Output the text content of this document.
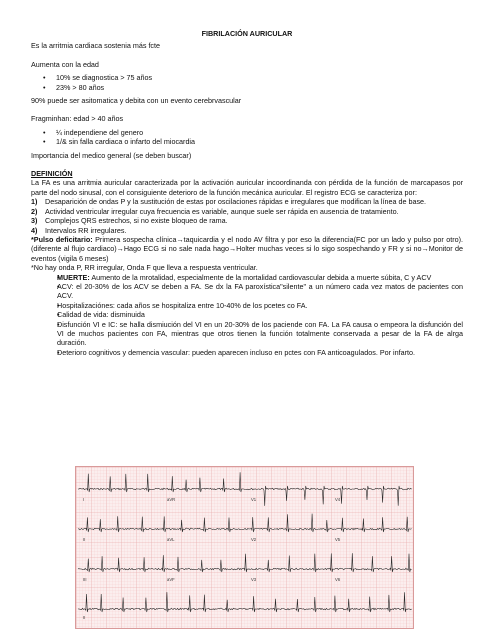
FIBRILACIÓN AURICULAR

Es la arritmia cardiaca sostenia más fcte

Aumenta con la edad

• 10% se diagnostica > 75 años
• 23% > 80 años

90% puede ser asitomatica y debita con un evento cerebrvascular

Fragminhan: edad > 40 años

• ¼ independiene del genero
• 1/& sin falla cardiaca o infarto del miocardia

Importancia del medico general (se deben buscar)

DEFINICIÓN

La FA es una arritmia auricular caracterizada por la activación auricular incoordinanda con pérdida de la función de marcapasos por parte del nodo sinusal, con el consiguiente deterioro de la función mecánica auricular. El registro ECG se caracteriza por:

1)	Desaparición de ondas P y la sustitución de estas por oscilaciones rápidas e irregulares que modifican la línea de base.
2)	Actividad ventricular irregular cuya frecuencia es variable, aunque suele ser rápida en ausencia de tratamiento.
3)	Complejos QRS estrechos, si no existe bloqueo de rama.
4)	Intervalos RR irregulares.

*Pulso deficitario: Primera sospecha clínica→taquicardia y el nodo AV filtra y por eso la diferencia(FC por un lado y pulso por otro). (diferente al flujo cardiaco)→Hago ECG si no sale nada hago→Holter muchas veces si lo sigo sospechando y FR y si no→Monitor de eventos (vigila 6 meses)

*No hay onda P, RR irregular, Onda F que lleva a respuesta ventricular.

• MUERTE: Aumento de la mrotalidad, especialmente de la mortalidad cardiovascular debida a muerte súbita, C y ACV
• ACV: el 20-30% de los ACV se deben a FA. Se dx la FA paroxística"silente" a un número cada vez matos de pacientes con ACV.
• Hospitalizaciónes: cada años se hospitaliza entre 10-40% de los pcetes co FA.
• Calidad de vida: disminuida
• Disfunción VI e IC: se halla dismiución del VI en un 20-30% de los paciende con FA. La FA causa o empeora la disfunción del VI de muchos pacientes con FA, mientras que otros tienen la función totalmente conservada a pesar de la FA de alrga duración.
• Deterioro cognitivos y demencia vascular: pueden aparecen incluso en pctes con FA anticoagulados. Por infarto.
I	aVR	V1	V4
II	aVL	V2	V5
III	aVF	V3	V6
II
